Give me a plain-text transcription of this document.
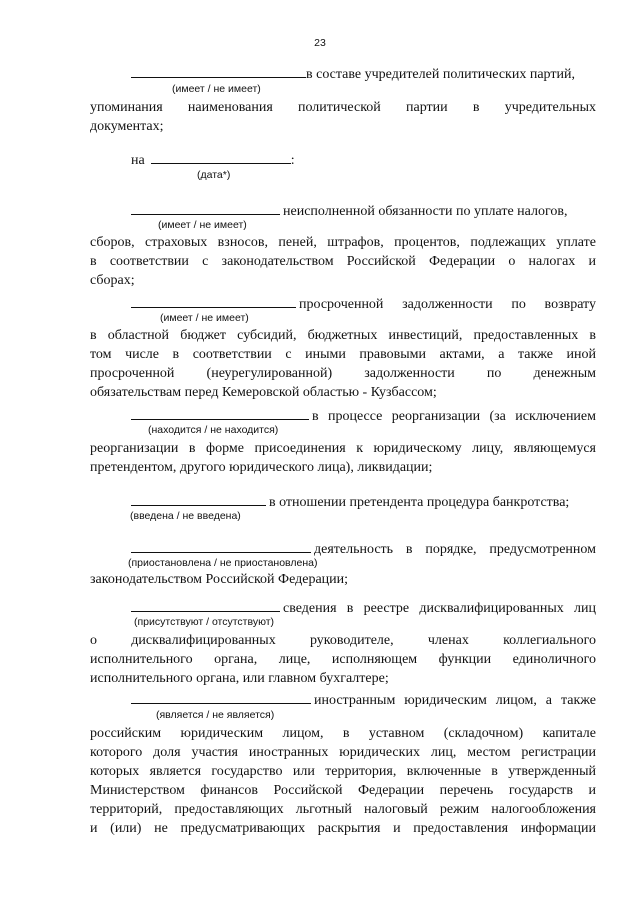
23
в составе учредителей политических партий,
(имеет / не имеет)
упоминания наименования политической партии в учредительных
документах;
на	:
(дата*)
неисполненной обязанности по уплате налогов,
(имеет / не имеет)
сборов, страховых взносов, пеней, штрафов, процентов, подлежащих уплате
в соответствии с законодательством Российской Федерации о налогах и
сборах;
просроченной задолженности по возврату
(имеет / не имеет)
в областной бюджет субсидий, бюджетных инвестиций, предоставленных в
том числе в соответствии с иными правовыми актами, а также иной
просроченной (неурегулированной) задолженности по денежным
обязательствам перед Кемеровской областью - Кузбассом;
в процессе реорганизации (за исключением
(находится / не находится)
реорганизации в форме присоединения к юридическому лицу, являющемуся
претендентом, другого юридического лица), ликвидации;
в отношении претендента процедура банкротства;
(введена / не введена)
деятельность в порядке, предусмотренном
(приостановлена / не приостановлена)
законодательством Российской Федерации;
сведения в реестре дисквалифицированных лиц
(присутствуют / отсутствуют)
о дисквалифицированных руководителе, членах коллегиального
исполнительного органа, лице, исполняющем функции единоличного
исполнительного органа, или главном бухгалтере;
иностранным юридическим лицом, а также
(является / не является)
российским юридическим лицом, в уставном (складочном) капитале
которого доля участия иностранных юридических лиц, местом регистрации
которых является государство или территория, включенные в утвержденный
Министерством финансов Российской Федерации перечень государств и
территорий, предоставляющих льготный налоговый режим налогообложения
и (или) не предусматривающих раскрытия и предоставления информации
